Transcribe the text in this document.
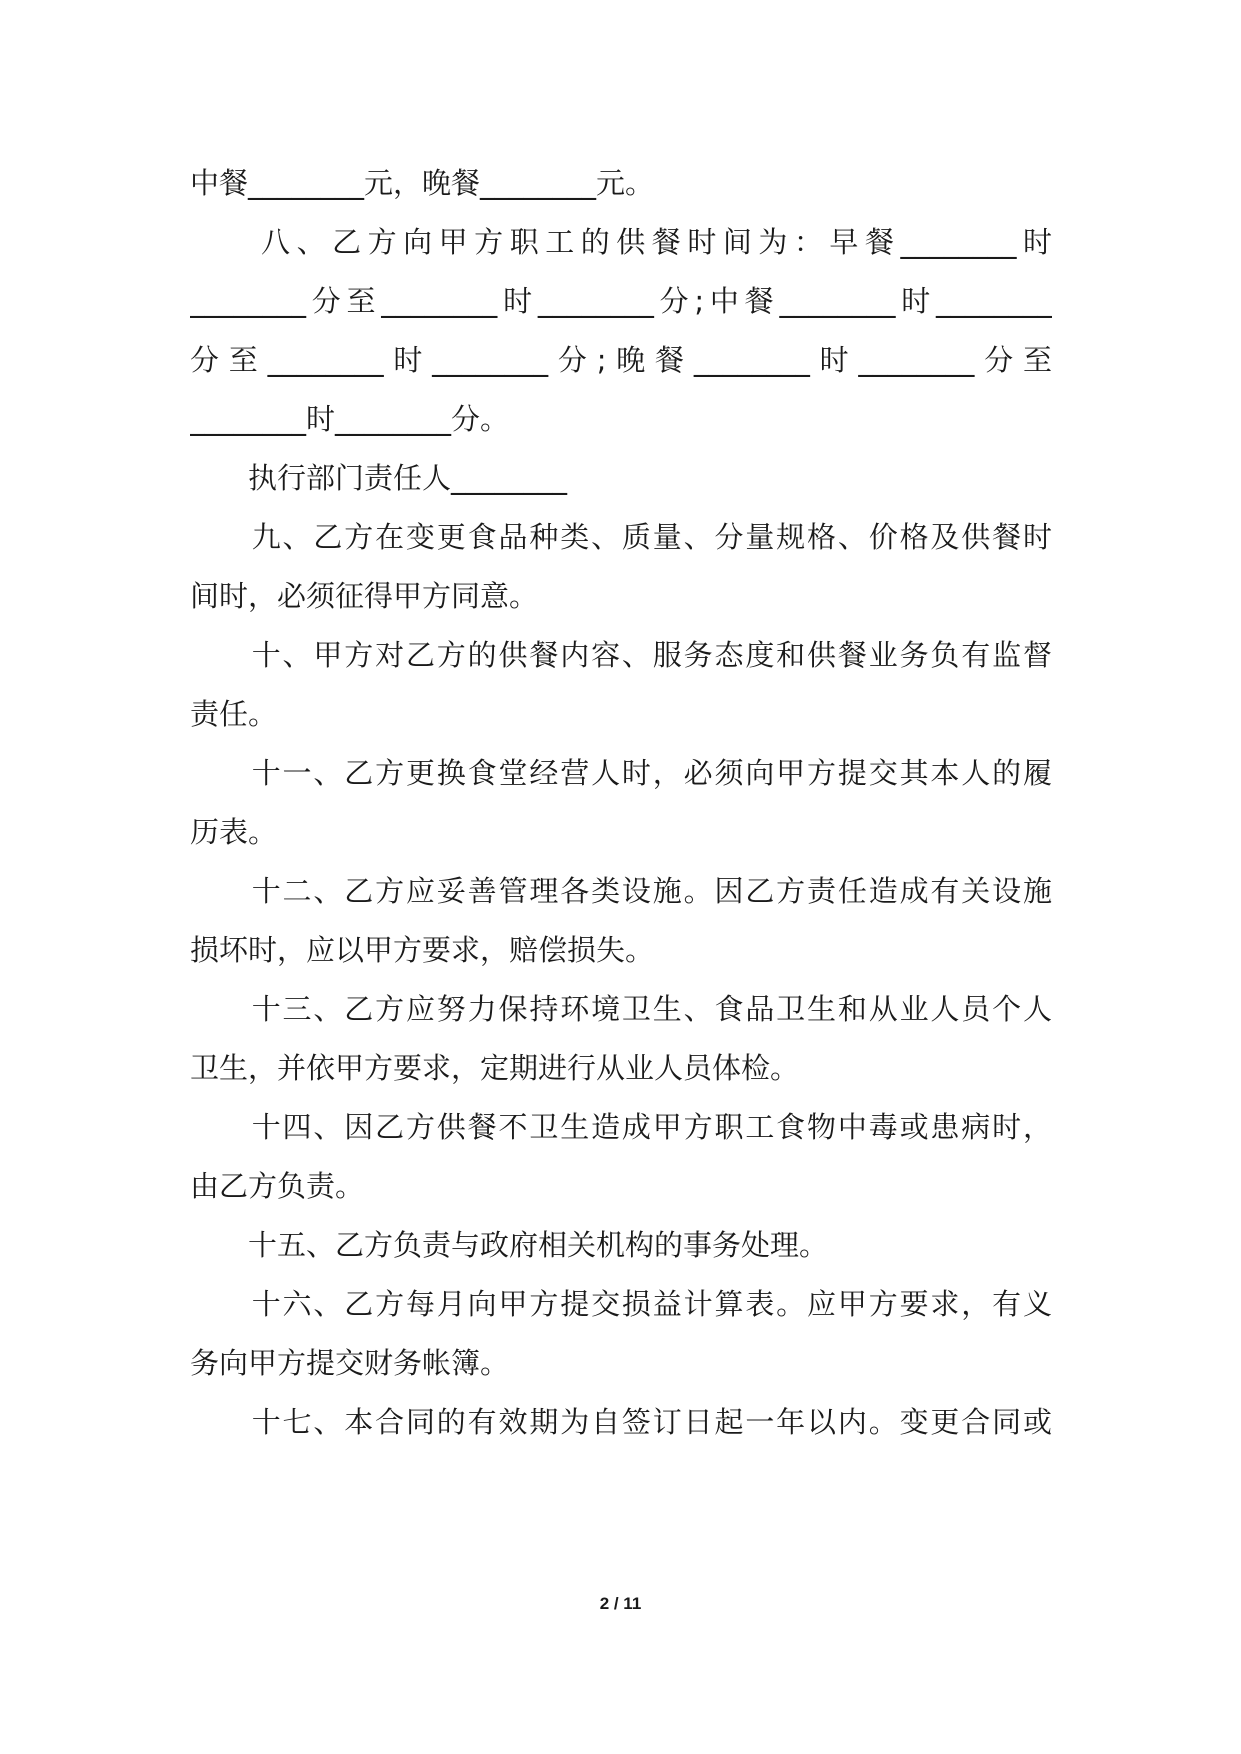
中餐________元，晚餐________元。
　　八、乙方向甲方职工的供餐时间为：早餐________时
________分至________时________分;中餐________时________
分至________时________分;晚餐________时________分至
________时________分。
　　执行部门责任人________
　　九、乙方在变更食品种类、质量、分量规格、价格及供餐时
间时，必须征得甲方同意。
　　十、甲方对乙方的供餐内容、服务态度和供餐业务负有监督
责任。
　　十一、乙方更换食堂经营人时，必须向甲方提交其本人的履
历表。
　　十二、乙方应妥善管理各类设施。因乙方责任造成有关设施
损坏时，应以甲方要求，赔偿损失。
　　十三、乙方应努力保持环境卫生、食品卫生和从业人员个人
卫生，并依甲方要求，定期进行从业人员体检。
　　十四、因乙方供餐不卫生造成甲方职工食物中毒或患病时，
由乙方负责。
　　十五、乙方负责与政府相关机构的事务处理。
　　十六、乙方每月向甲方提交损益计算表。应甲方要求，有义
务向甲方提交财务帐簿。
　　十七、本合同的有效期为自签订日起一年以内。变更合同或
2 / 11
